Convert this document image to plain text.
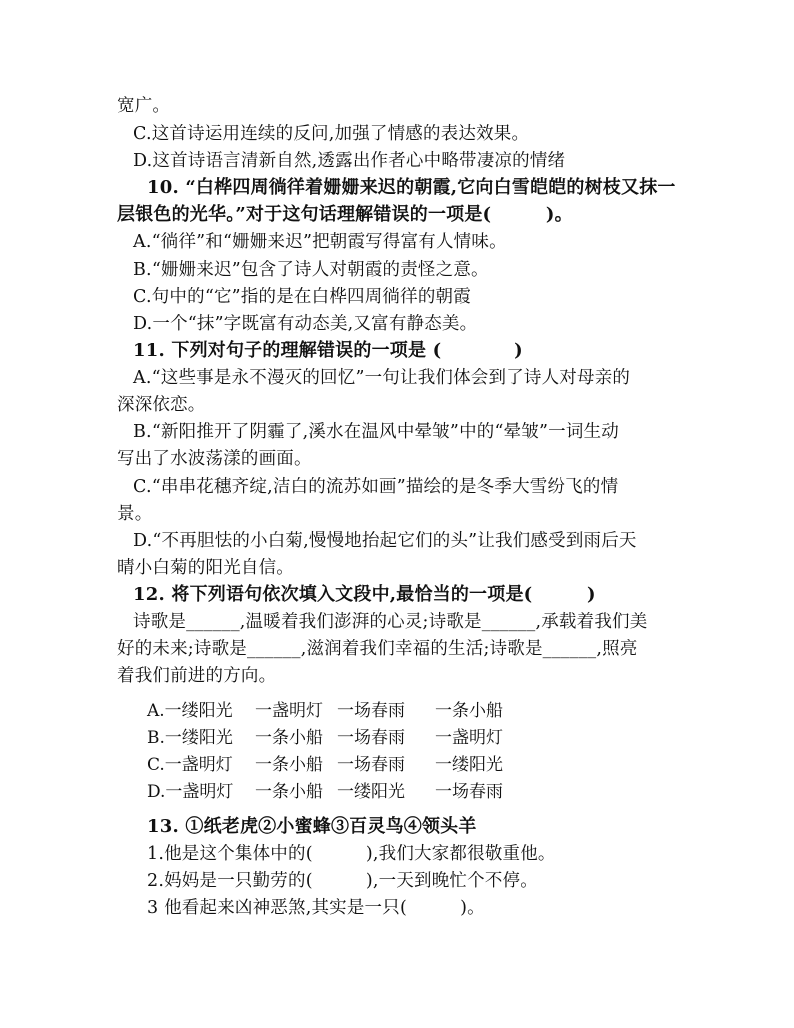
宽广。
C.这首诗运用连续的反问,加强了情感的表达效果。
D.这首诗语言清新自然,透露出作者心中略带凄凉的情绪
10. “白桦四周徜徉着姗姗来迟的朝霞,它向白雪皑皑的树枝又抹一
层银色的光华。”对于这句话理解错误的一项是(　　　)。
A.“徜徉”和“姗姗来迟”把朝霞写得富有人情味。
B.“姗姗来迟”包含了诗人对朝霞的责怪之意。
C.句中的“它”指的是在白桦四周徜徉的朝霞
D.一个“抹”字既富有动态美,又富有静态美。
11. 下列对句子的理解错误的一项是 (　　　　)
A.“这些事是永不漫灭的回忆”一句让我们体会到了诗人对母亲的
深深依恋。
B.“新阳推开了阴霾了,溪水在温风中晕皱”中的“晕皱”一词生动
写出了水波荡漾的画面。
C.“串串花穗齐绽,洁白的流苏如画”描绘的是冬季大雪纷飞的情
景。
D.“不再胆怯的小白菊,慢慢地抬起它们的头”让我们感受到雨后天
晴小白菊的阳光自信。
12. 将下列语句依次填入文段中,最恰当的一项是(　　　)
诗歌是______,温暖着我们澎湃的心灵;诗歌是______,承载着我们美
好的未来;诗歌是______,滋润着我们幸福的生活;诗歌是______,照亮
着我们前进的方向。
A.一缕阳光 一盏明灯 一场春雨 一条小船
B.一缕阳光 一条小船 一场春雨 一盏明灯
C.一盏明灯 一条小船 一场春雨 一缕阳光
D.一盏明灯 一条小船 一缕阳光 一场春雨
13. ①纸老虎②小蜜蜂③百灵鸟④领头羊
1.他是这个集体中的(　　　),我们大家都很敬重他。
2.妈妈是一只勤劳的(　　　),一天到晚忙个不停。
3 他看起来凶神恶煞,其实是一只(　　　)。
